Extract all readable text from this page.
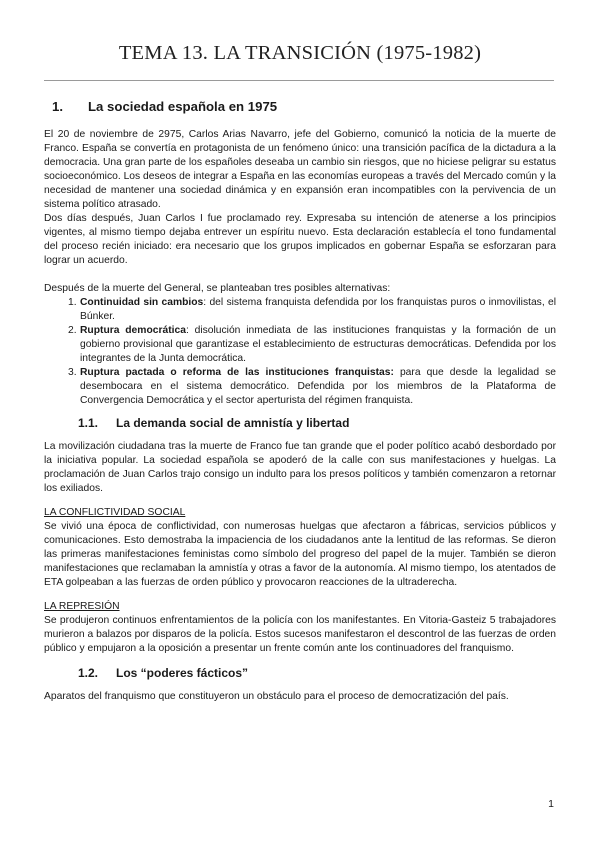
TEMA 13. LA TRANSICIÓN (1975-1982)
1.	La sociedad española en 1975

El 20 de noviembre de 2975, Carlos Arias Navarro, jefe del Gobierno, comunicó la noticia de la muerte de Franco. España se convertía en protagonista de un fenómeno único: una transición pacífica de la dictadura a la democracia. Una gran parte de los españoles deseaba un cambio sin riesgos, que no hiciese peligrar su estatus socioeconómico. Los deseos de integrar a España en las economías europeas a través del Mercado común y la necesidad de mantener una sociedad dinámica y en expansión eran incompatibles con la pervivencia de un sistema político atrasado.

Dos días después, Juan Carlos I fue proclamado rey. Expresaba su intención de atenerse a los principios vigentes, al mismo tiempo dejaba entrever un espíritu nuevo. Esta declaración establecía el tono fundamental del proceso recién iniciado: era necesario que los grupos implicados en gobernar España se esforzaran para lograr un acuerdo.

Después de la muerte del General, se planteaban tres posibles alternativas:

1. Continuidad sin cambios: del sistema franquista defendida por los franquistas puros o inmovilistas, el Búnker.
2. Ruptura democrática: disolución inmediata de las instituciones franquistas y la formación de un gobierno provisional que garantizase el establecimiento de estructuras democráticas. Defendida por los integrantes de la Junta democrática.
3. Ruptura pactada o reforma de las instituciones franquistas: para que desde la legalidad se desembocara en el sistema democrático. Defendida por los miembros de la Plataforma de Convergencia Democrática y el sector aperturista del régimen franquista.
1.1.	La demanda social de amnistía y libertad

La movilización ciudadana tras la muerte de Franco fue tan grande que el poder político acabó desbordado por la iniciativa popular. La sociedad española se apoderó de la calle con sus manifestaciones y huelgas. La proclamación de Juan Carlos trajo consigo un indulto para los presos políticos y también comenzaron a retornar los exiliados.

LA CONFLICTIVIDAD SOCIAL

Se vivió una época de conflictividad, con numerosas huelgas que afectaron a fábricas, servicios públicos y comunicaciones. Esto demostraba la impaciencia de los ciudadanos ante la lentitud de las reformas. Se dieron las primeras manifestaciones feministas como símbolo del progreso del papel de la mujer. También se dieron manifestaciones que reclamaban la amnistía y otras a favor de la autonomía. Al mismo tiempo, los atentados de ETA golpeaban a las fuerzas de orden público y provocaron reacciones de la ultraderecha.

LA REPRESIÓN

Se produjeron continuos enfrentamientos de la policía con los manifestantes. En Vitoria-Gasteiz 5 trabajadores murieron a balazos por disparos de la policía. Estos sucesos manifestaron el descontrol de las fuerzas de orden público y empujaron a la oposición a presentar un frente común ante los continuadores del franquismo.

1.2.	Los “poderes fácticos”

Aparatos del franquismo que constituyeron un obstáculo para el proceso de democratización del país.

1
